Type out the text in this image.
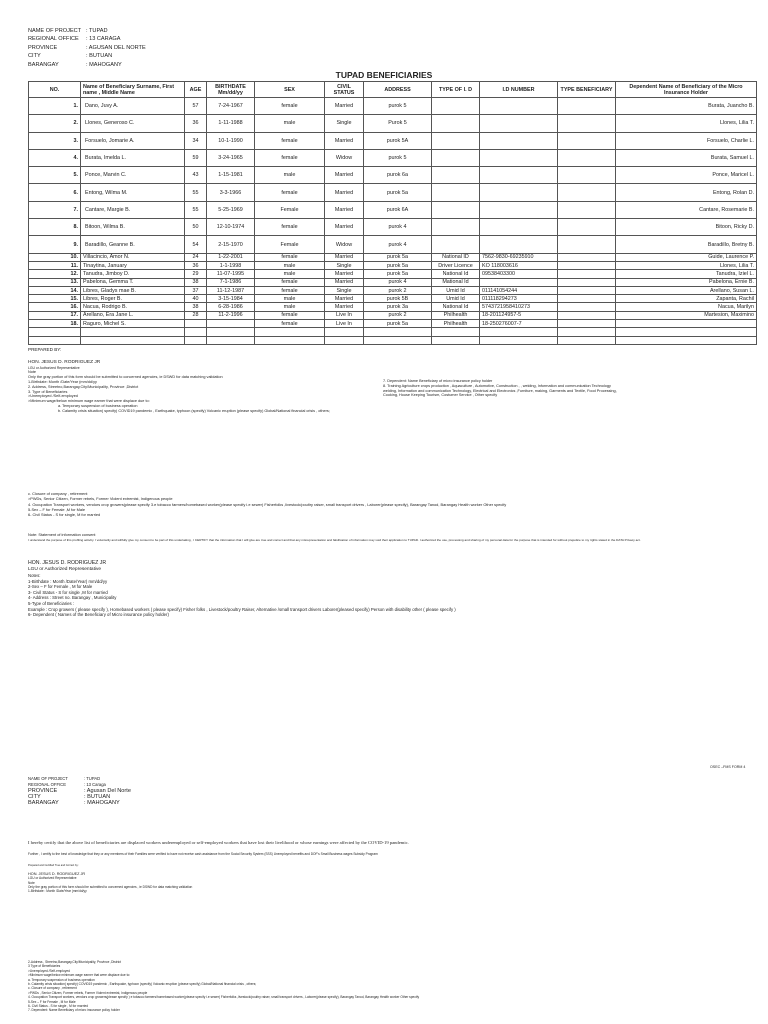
NAME OF PROJECT : TUPAD
REGIONAL OFFICE	: 13 CARAGA
PROVINCE	: AGUSAN DEL NORTE
CITY	: BUTUAN
BARANGAY	: MAHOGANY
TUPAD BENEFICIARIES
NO.	Name of Beneficiary Surname, First name , Middle Name	AGE	BIRTHDATE Mm/dd/yy	SEX	CIVIL STATUS	ADDRESS	TYPE OF I. D	I.D NUMBER	TYPE BENEFICIARY	Dependent Name of Beneficiary of the Micro Insurance Holder
1.	Dano, Juvy A.	57	7-24-1967	female	Married	purok 5				Burata, Juancho B.
2.	Llones, Generoso C.	36	1-11-1988	male	Single	Purok 5				Llones, Lilia T.
3.	Forsuelo, Jomarie A.	34	10-1-1990	female	Married	purok 5A				Forsuelo, Charlie L.
4.	Burata, Imelda L.	59	3-24-1965	female	Widow	purok 5				Burata, Samuel L.
5.	Ponce, Marvin C.	43	1-15-1981	male	Married	purok 6a				Ponce, Maricel L.
6.	Entong, Wilma M.	55	3-3-1966	female	Married	purok 5a				Entong, Rolan D.
7.	Cantare, Margie B.	55	5-25-1969	Female	Married	purok 6A				Cantare, Rosemarie B.
8.	Bitoon, Wilma B.	50	12-10-1974	female	Married	purok 4				Bitoon, Ricky D.
9.	Baradillo, Geanne B.	54	2-15-1970	Female	Widow	purok 4				Baradillo, Bretny B.
10.	Villacincio, Amor N.	24	1-22-2001	female	Married	purok 5a	National ID	7562-9830-69235910		Guide, Laurence P.
11.	Tinaytina, January	36	1-1-1998	male	Single	purok 5a	Driver Licence	KO 118003616		Llones, Lilia T.
12.	Tanudra, Jimboy D.	29	11-07-1995	male	Married	purok 5a	National Id	09538403300		Tanudra, Iziel L.
13.	Pabelona, Gemma T.	38	7-1-1986	female	Married	purok 4	Mational Id			Pabelona, Ernie B.
14.	Libres, Gladys mae B.	37	11-12-1987	female	Single	purok 2	Umid Id	011141054244		Arellano, Susan L.
15.	Libres, Roger B.	40	3-15-1984	male	Married	purok 5B	Umid Id	011118294273		Zapanta, Rachil
16.	Nacua, Rodrigo B.	38	6-28-1986	male	Married	purok 3a	National Id	5743721958410273		Nacua, Marilyn
17.	Arellano, Era Jane L.	28	11-2-1996	female	Live In	purok 2	Philhealth	18-201124957-5		Martesion, Maximino
18.	Raguro, Michel S.			female	Live In	purok 5a	Philhealth	18-250276007-7		

PREPARED BY:

HON. JESUS D. RODRIGUEZ JR

LGU or Authorized Representative

Note

Only the gray portion of this form should be submitted to concerned agencies, ie DSWD for data matching validation

1-Birthdate: Month /Date/Year (mm/dd/yy

2. Address, Streetno,Barangay,City/Municipality, Province ,District

3. Type of Beneficiaries

>Unemployed /Self-employed

>Minimum wage/below minimum wage earner that were displace due to:

a. Temporary suspension of business operation

b. Calamity crisis situation( specify) COVID19 pandemic , Earthquake, typhoon (specify) Volcanic eruption (please specify) Global/National financial crisis , others;

7. Dependent: Name Beneficiary of micro insurance policy holder

8. Training Agriculture crops production , Aquaculture , Automotive, Construction , , welding, Information and communication Technology

welding, Information and communication Technology, Electrical and Electronics ,Furniture, making, Garments and Textile, Food Processing,

Cooking, House Keeping Tourism, Costumer Service , Other specify

c. Closure of company , retirement

>PWDs, Senior Citizen, Former rebels, Former Violent extremist, Indigenous people

4. Occupation Transport workers, vendors crop growers(please specify 3.e tobacco farmers/homebased worker(please specify i.e sewer) Fisherfolks ,livestock/poultry raiser, small transport drivers , Laborer(please specify), Barangay Tanod, Barangay Health worker Other specify

5-Sex – F for Female ,M for Male

6- Civil Status - S for single, M for married

Note: Statement of information consent

I understand the purpose of this profiling activity. I voluntarily and willfully give my consent to be part of this undertaking , I CERTIFY that the information that I will give are true and correct and that any misrepresentation and falsification of information may void their application to TUPAD. I authorized the use, processing and sharing of my personal data for the purpose that is intended for without prejudice to my rights stated in the DATA Privacy act.

HON. JESUS D. RODRIGUEZ JR

LGU or Authorized Representative

Notes:

1-Birthdate : Month /Date/Year) mm/dd/yy

2-Sex – F for Female , M for Male

3- Civil Status - S for single ,M for married

4- Address : Street no. Barangay , Municipality

5-Type of Beneficiaries :

Example : Crop growers ( please specify ), Homebased workers ( please specify) Fisher folks , Livestock/poultry Raiser, Alternative /small transport drivers Laborer(pleased specify) Person with disability other ( please specify )

6- Dependent ( Names of the Beneficiary of Micro insurance policy holder)

OSEC –FMS FORM 4
NAME OF PROJECT	: TUPAD
REGIONAL OFFICE	: 13 Caraga
PROVINCE	: Agusan Del Norte
CITY	: BUTUAN
BARANGAY	: MAHOGANY
I hereby certify that the above list of beneficiaries are displaced workers underemployed or self-employed workers that have lost their livelihood or whose earnings were affected by the COVID-19 pandemic.

Further , I certify to the best of knowledge that they or any members of their Families were verified to have not receive cash assistance from the Social Security System (SSS) Unemployed benefits and DOF's Small Business wages Subsidy Program

Prepared and Certified True and Correct by:

HON. JESUS D. RODRIGUEZ JR

LGU or Authorized Representative

Note

Only the gray portion of this form should be submitted to concerned agencies , ie DSWD for data matching validation

1-Birthdate : Month /Date/Year (mm/dd/yy

2-Address , Streetno,Barangay,City/Municipality, Province ,District

3 Type of Beneficiaries

>Unemployed /Self-employed

>Minimum wage/below minimum wage earner that were displace due to:

a. Temporary suspension of business operation

b. Calamity crisis situation( specify) COVID19 pandemic , Earthquake, typhoon (specify) Volcanic eruption (please specify) Global/National financial crisis , others;

c. Closure of company , retirement

>PWDs , Senior Citizen, Former rebels, Former Violent extremist, Indigenous people

4. Occupation Transport workers, vendors crop growers(please specify ) e tobacco farmers/homebased worker(please specify i.e sewer) Fisherfolks ,livestock/poultry raiser, small transport drivers , Laborer(please specify), Barangay Tanod, Barangay Health worker Other specify

5-Sex – F for Female , M for Male

6- Civil Status - S for single , M for married

7. Dependent: Name Beneficiary of micro insurance policy holder
